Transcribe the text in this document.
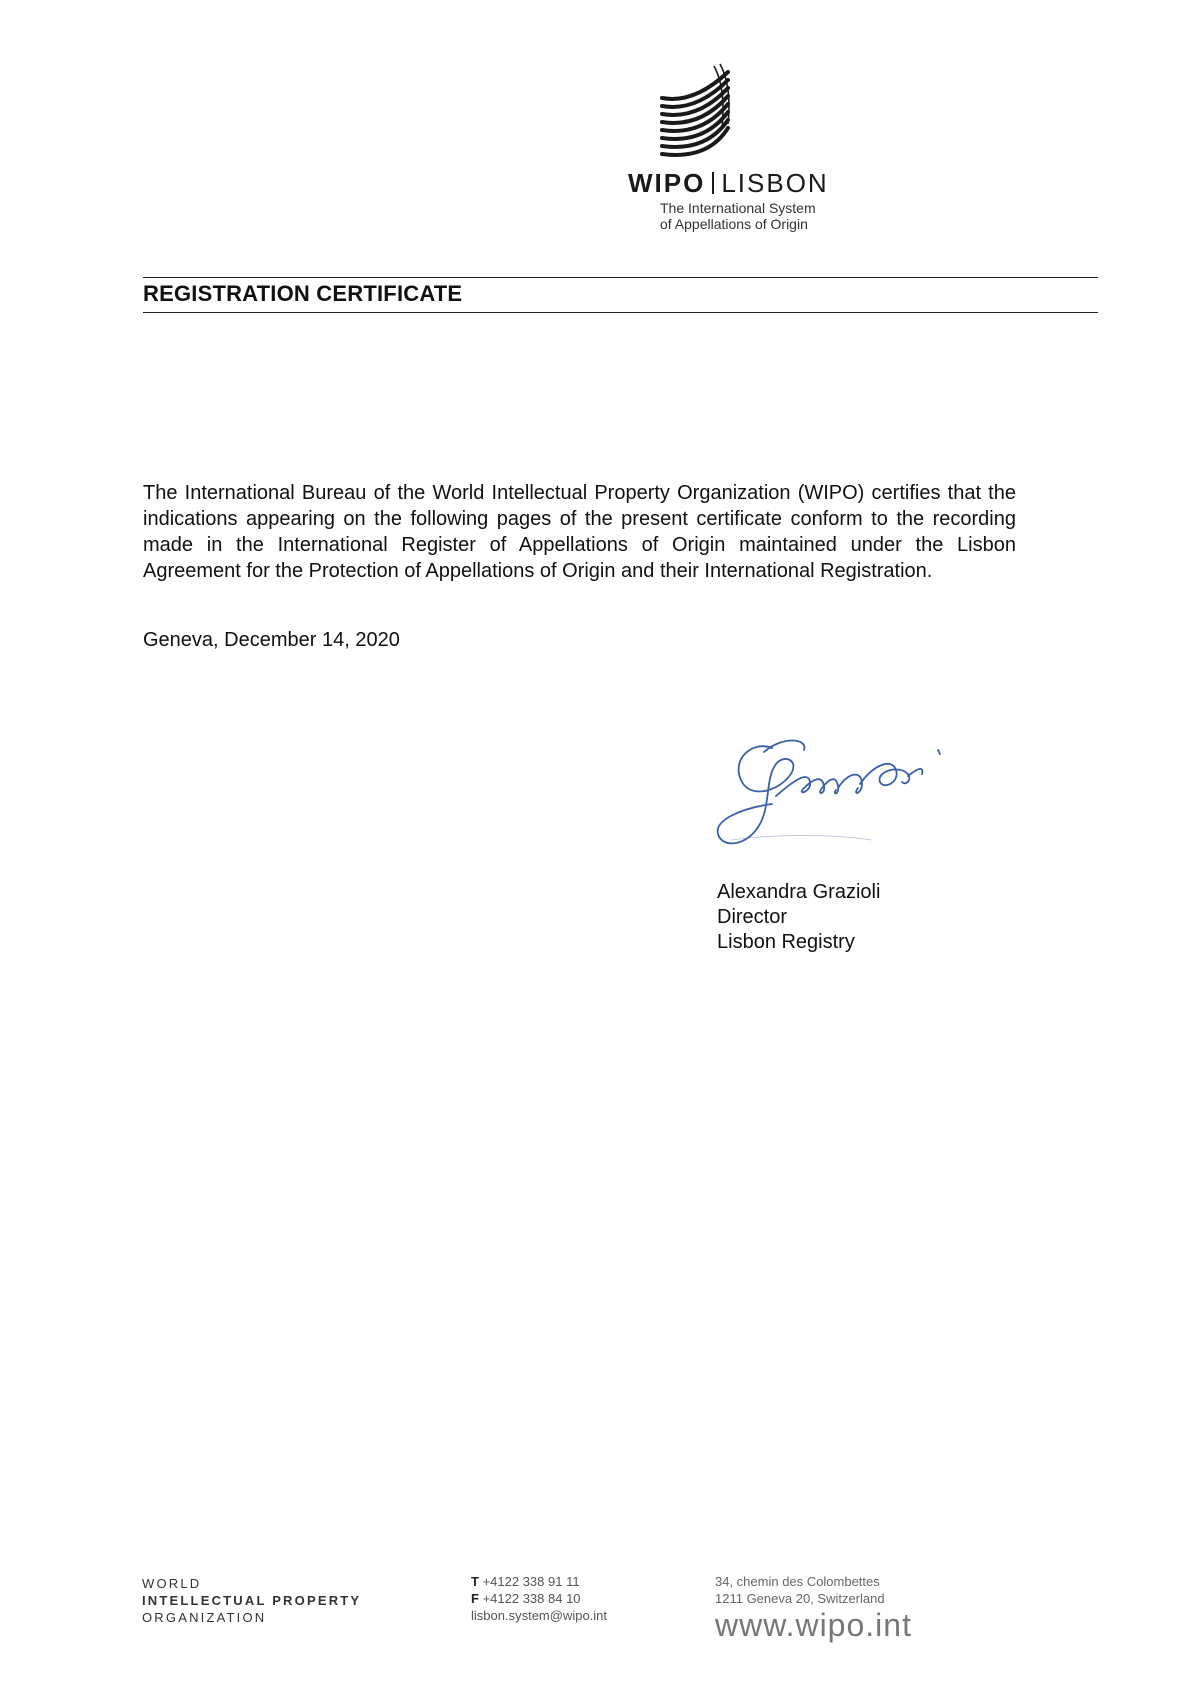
WIPO LISBON
The International System
of Appellations of Origin
REGISTRATION CERTIFICATE
The International Bureau of the World Intellectual Property Organization (WIPO) certifies that the indications appearing on the following pages of the present certificate conform to the recording made in the International Register of Appellations of Origin maintained under the Lisbon Agreement for the Protection of Appellations of Origin and their International Registration.
Geneva, December 14, 2020
Alexandra Grazioli
Director
Lisbon Registry
WORLD
INTELLECTUAL PROPERTY
ORGANIZATION
T +4122 338 91 11
F +4122 338 84 10
lisbon.system@wipo.int
34, chemin des Colombettes
1211 Geneva 20, Switzerland
www.wipo.int
